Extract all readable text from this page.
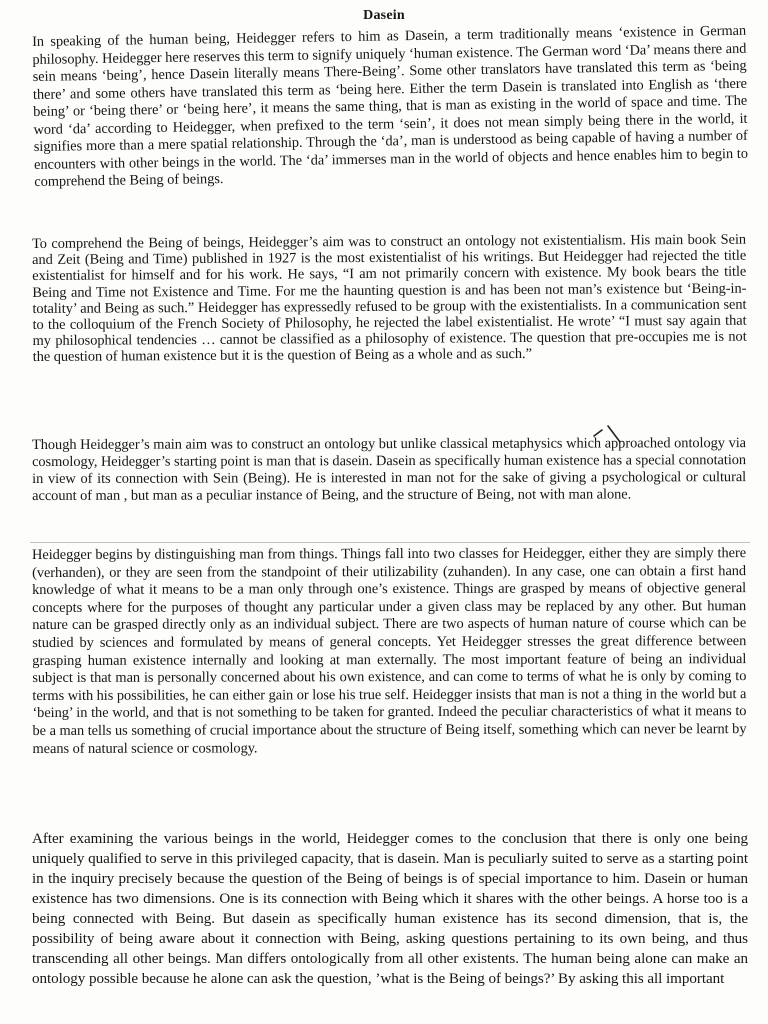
Dasein

In speaking of the human being, Heidegger refers to him as Dasein, a term traditionally means ‘existence in German philosophy. Heidegger here reserves this term to signify uniquely ‘human existence. The German word ‘Da’ means there and sein means ‘being’, hence Dasein literally means There-Being’. Some other translators have translated this term as ‘being there’ and some others have translated this term as ‘being here. Either the term Dasein is translated into English as ‘there being’ or ‘being there’ or ‘being here’, it means the same thing, that is man as existing in the world of space and time. The word ‘da’ according to Heidegger, when prefixed to the term ‘sein’, it does not mean simply being there in the world, it signifies more than a mere spatial relationship. Through the ‘da’, man is understood as being capable of having a number of encounters with other beings in the world. The ‘da’ immerses man in the world of objects and hence enables him to begin to comprehend the Being of beings.

To comprehend the Being of beings, Heidegger’s aim was to construct an ontology not existentialism. His main book Sein and Zeit (Being and Time) published in 1927 is the most existentialist of his writings. But Heidegger had rejected the title existentialist for himself and for his work. He says, “I am not primarily concern with existence. My book bears the title Being and Time not Existence and Time. For me the haunting question is and has been not man’s existence but ‘Being-in-totality’ and Being as such.” Heidegger has expressedly refused to be group with the existentialists. In a communication sent to the colloquium of the French Society of Philosophy, he rejected the label existentialist. He wrote’ “I must say again that my philosophical tendencies … cannot be classified as a philosophy of existence. The question that pre-occupies me is not the question of human existence but it is the question of Being as a whole and as such.”

Though Heidegger’s main aim was to construct an ontology but unlike classical metaphysics which approached ontology via cosmology, Heidegger’s starting point is man that is dasein. Dasein as specifically human existence has a special connotation in view of its connection with Sein (Being). He is interested in man not for the sake of giving a psychological or cultural account of man , but man as a peculiar instance of Being, and the structure of Being, not with man alone.

Heidegger begins by distinguishing man from things. Things fall into two classes for Heidegger, either they are simply there (verhanden), or they are seen from the standpoint of their utilizability (zuhanden). In any case, one can obtain a first hand knowledge of what it means to be a man only through one’s existence. Things are grasped by means of objective general concepts where for the purposes of thought any particular under a given class may be replaced by any other. But human nature can be grasped directly only as an individual subject. There are two aspects of human nature of course which can be studied by sciences and formulated by means of general concepts. Yet Heidegger stresses the great difference between grasping human existence internally and looking at man externally. The most important feature of being an individual subject is that man is personally concerned about his own existence, and can come to terms of what he is only by coming to terms with his possibilities, he can either gain or lose his true self. Heidegger insists that man is not a thing in the world but a ‘being’ in the world, and that is not something to be taken for granted. Indeed the peculiar characteristics of what it means to be a man tells us something of crucial importance about the structure of Being itself, something which can never be learnt by means of natural science or cosmology.

After examining the various beings in the world, Heidegger comes to the conclusion that there is only one being uniquely qualified to serve in this privileged capacity, that is dasein. Man is peculiarly suited to serve as a starting point in the inquiry precisely because the question of the Being of beings is of special importance to him. Dasein or human existence has two dimensions. One is its connection with Being which it shares with the other beings. A horse too is a being connected with Being. But dasein as specifically human existence has its second dimension, that is, the possibility of being aware about it connection with Being, asking questions pertaining to its own being, and thus transcending all other beings. Man differs ontologically from all other existents. The human being alone can make an ontology possible because he alone can ask the question, ’what is the Being of beings?’ By asking this all important
